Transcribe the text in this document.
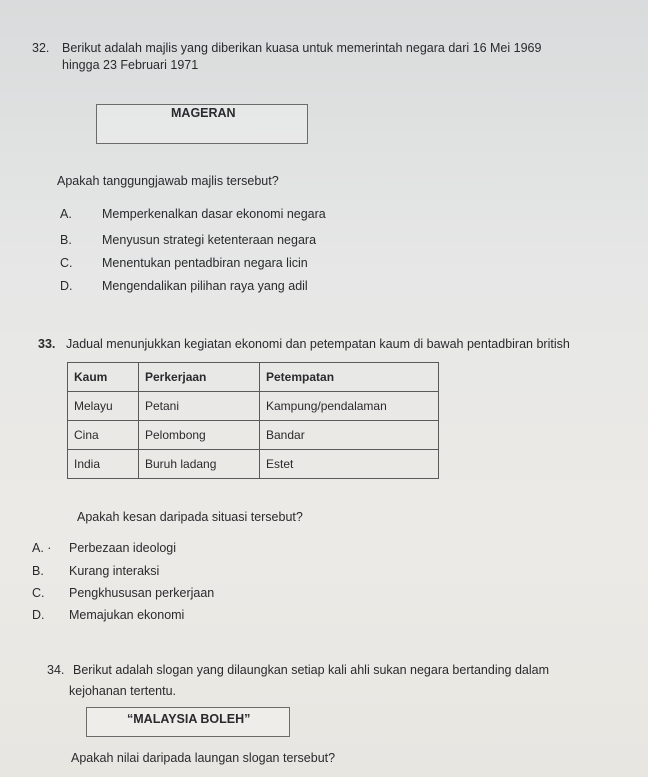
32. Berikut adalah majlis yang diberikan kuasa untuk memerintah negara dari 16 Mei 1969
hingga 23 Februari 1971
MAGERAN
Apakah tanggungjawab majlis tersebut?
A. Memperkenalkan dasar ekonomi negara
B. Menyusun strategi ketenteraan negara
C. Menentukan pentadbiran negara licin
D. Mengendalikan pilihan raya yang adil
33. Jadual menunjukkan kegiatan ekonomi dan petempatan kaum di bawah pentadbiran british
Kaum	Perkerjaan	Petempatan
Melayu	Petani	Kampung/pendalaman
Cina	Pelombong	Bandar
India	Buruh ladang	Estet
Apakah kesan daripada situasi tersebut?
A. · Perbezaan ideologi
B. Kurang interaksi
C. Pengkhususan perkerjaan
D. Memajukan ekonomi
34. Berikut adalah slogan yang dilaungkan setiap kali ahli sukan negara bertanding dalam
kejohanan tertentu.
“MALAYSIA BOLEH”
Apakah nilai daripada laungan slogan tersebut?
